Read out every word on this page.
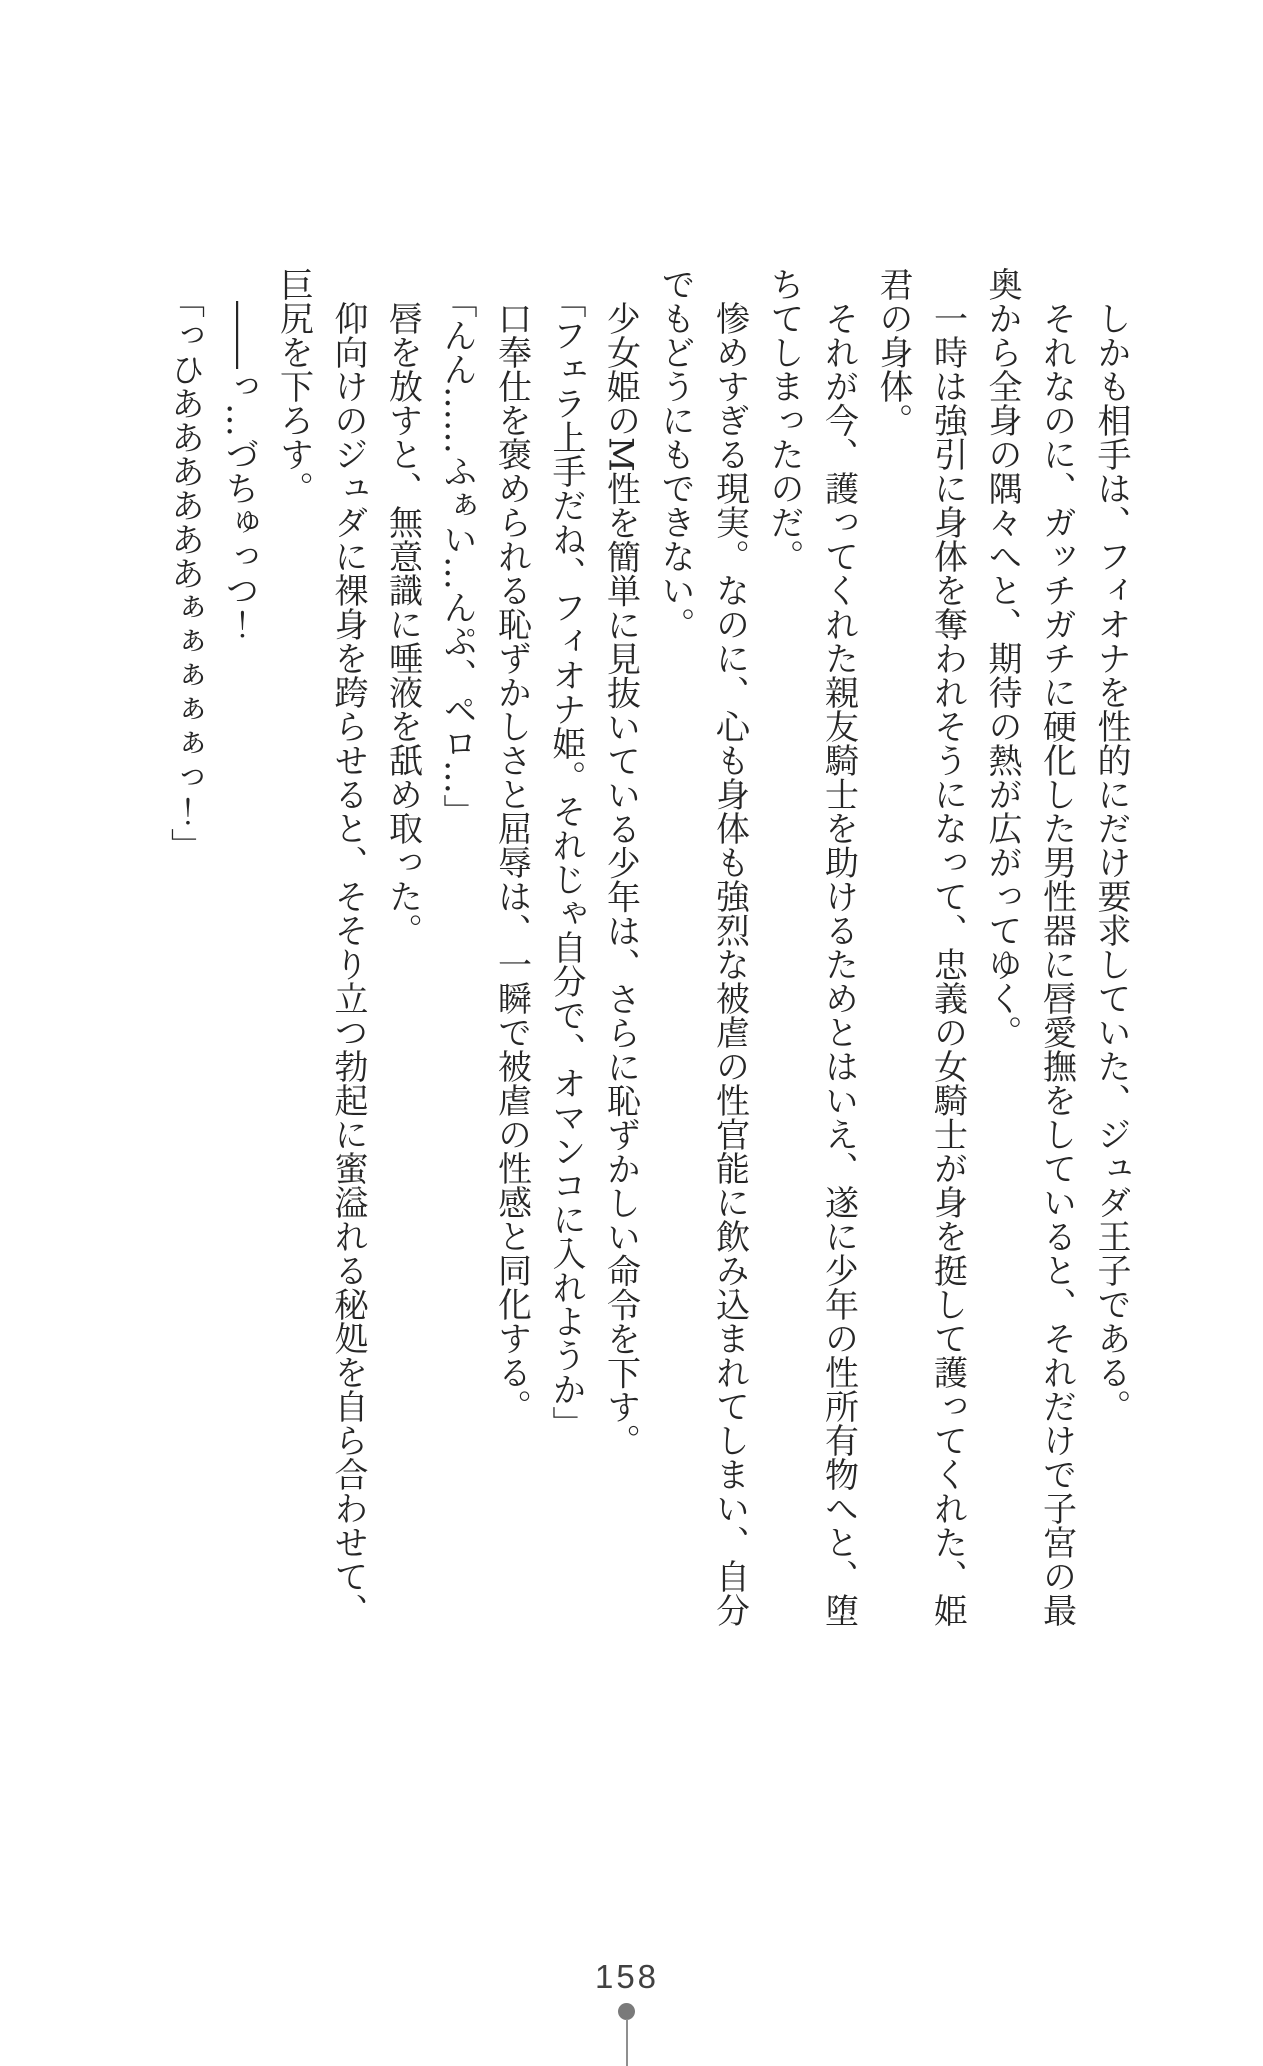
しかも相手は、フィオナを性的にだけ要求していた、ジュダ王子である。
それなのに、ガッチガチに硬化した男性器に唇愛撫をしていると、それだけで子宮の最
奥から全身の隅々へと、期待の熱が広がってゆく。
一時は強引に身体を奪われそうになって、忠義の女騎士が身を挺して護ってくれた、姫
君の身体。
それが今、護ってくれた親友騎士を助けるためとはいえ、遂に少年の性所有物へと、堕
ちてしまったのだ。
惨めすぎる現実。なのに、心も身体も強烈な被虐の性官能に飲み込まれてしまい、自分
でもどうにもできない。
少女姫のM性を簡単に見抜いている少年は、さらに恥ずかしい命令を下す。
「フェラ上手だね、フィオナ姫。それじゃ自分で、オマンコに入れようか」
口奉仕を褒められる恥ずかしさと屈辱は、一瞬で被虐の性感と同化する。
「んん……ふぁい…んぷ、ペロ…」
唇を放すと、無意識に唾液を舐め取った。
仰向けのジュダに裸身を跨らせると、そそり立つ勃起に蜜溢れる秘処を自ら合わせて、
巨尻を下ろす。
――っ…づちゅっつ！
「っひああああああぁぁぁぁぁっ！」
158
